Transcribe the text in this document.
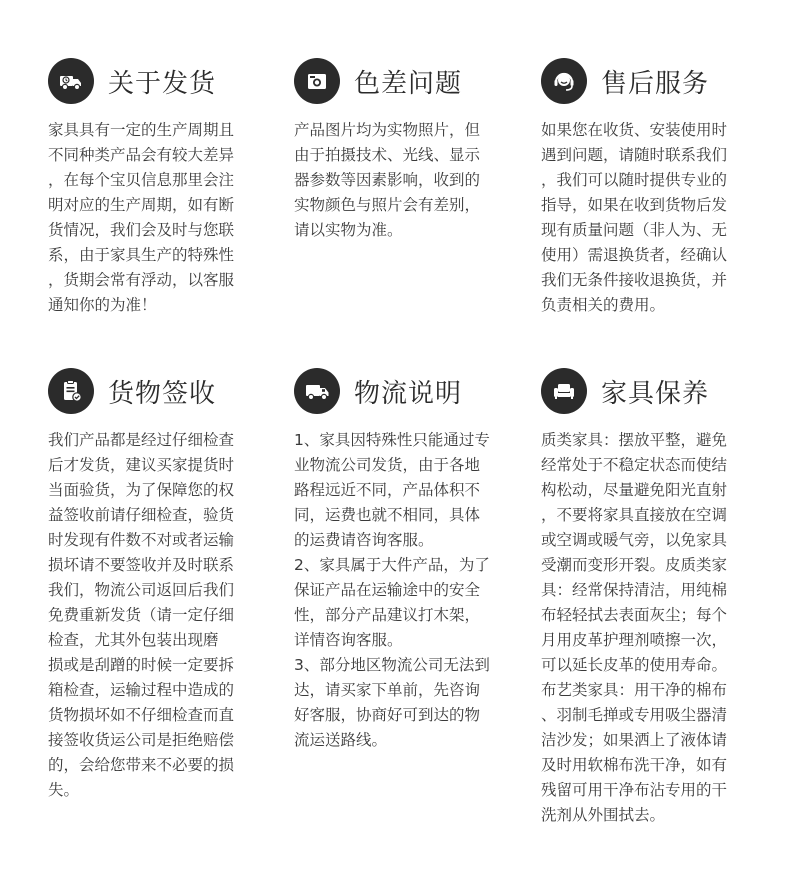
关于发货

家具具有一定的生产周期且

不同种类产品会有较大差异

，在每个宝贝信息那里会注

明对应的生产周期，如有断

货情况，我们会及时与您联

系，由于家具生产的特殊性

，货期会常有浮动，以客服

通知你的为准！

色差问题

产品图片均为实物照片，但

由于拍摄技术、光线、显示

器参数等因素影响，收到的

实物颜色与照片会有差别，

请以实物为准。

售后服务

如果您在收货、安装使用时

遇到问题，请随时联系我们

，我们可以随时提供专业的

指导，如果在收到货物后发

现有质量问题（非人为、无

使用）需退换货者，经确认

我们无条件接收退换货，并

负责相关的费用。

货物签收

我们产品都是经过仔细检查

后才发货，建议买家提货时

当面验货，为了保障您的权

益签收前请仔细检查，验货

时发现有件数不对或者运输

损坏请不要签收并及时联系

我们，物流公司返回后我们

免费重新发货（请一定仔细

检查，尤其外包装出现磨

损或是刮蹭的时候一定要拆

箱检查，运输过程中造成的

货物损坏如不仔细检查而直

接签收货运公司是拒绝赔偿

的，会给您带来不必要的损

失。

物流说明

1、家具因特殊性只能通过专

业物流公司发货，由于各地

路程远近不同，产品体积不

同，运费也就不相同，具体

的运费请咨询客服。

2、家具属于大件产品，为了

保证产品在运输途中的安全

性，部分产品建议打木架，

详情咨询客服。

3、部分地区物流公司无法到

达，请买家下单前，先咨询

好客服，协商好可到达的物

流运送路线。

家具保养

质类家具：摆放平整，避免

经常处于不稳定状态而使结

构松动，尽量避免阳光直射

，不要将家具直接放在空调

或空调或暖气旁，以免家具

受潮而变形开裂。皮质类家

具：经常保持清洁，用纯棉

布轻轻拭去表面灰尘；每个

月用皮革护理剂喷擦一次，

可以延长皮革的使用寿命。

布艺类家具：用干净的棉布

、羽制毛掸或专用吸尘器清

洁沙发；如果洒上了液体请

及时用软棉布洗干净，如有

残留可用干净布沾专用的干

洗剂从外围拭去。
